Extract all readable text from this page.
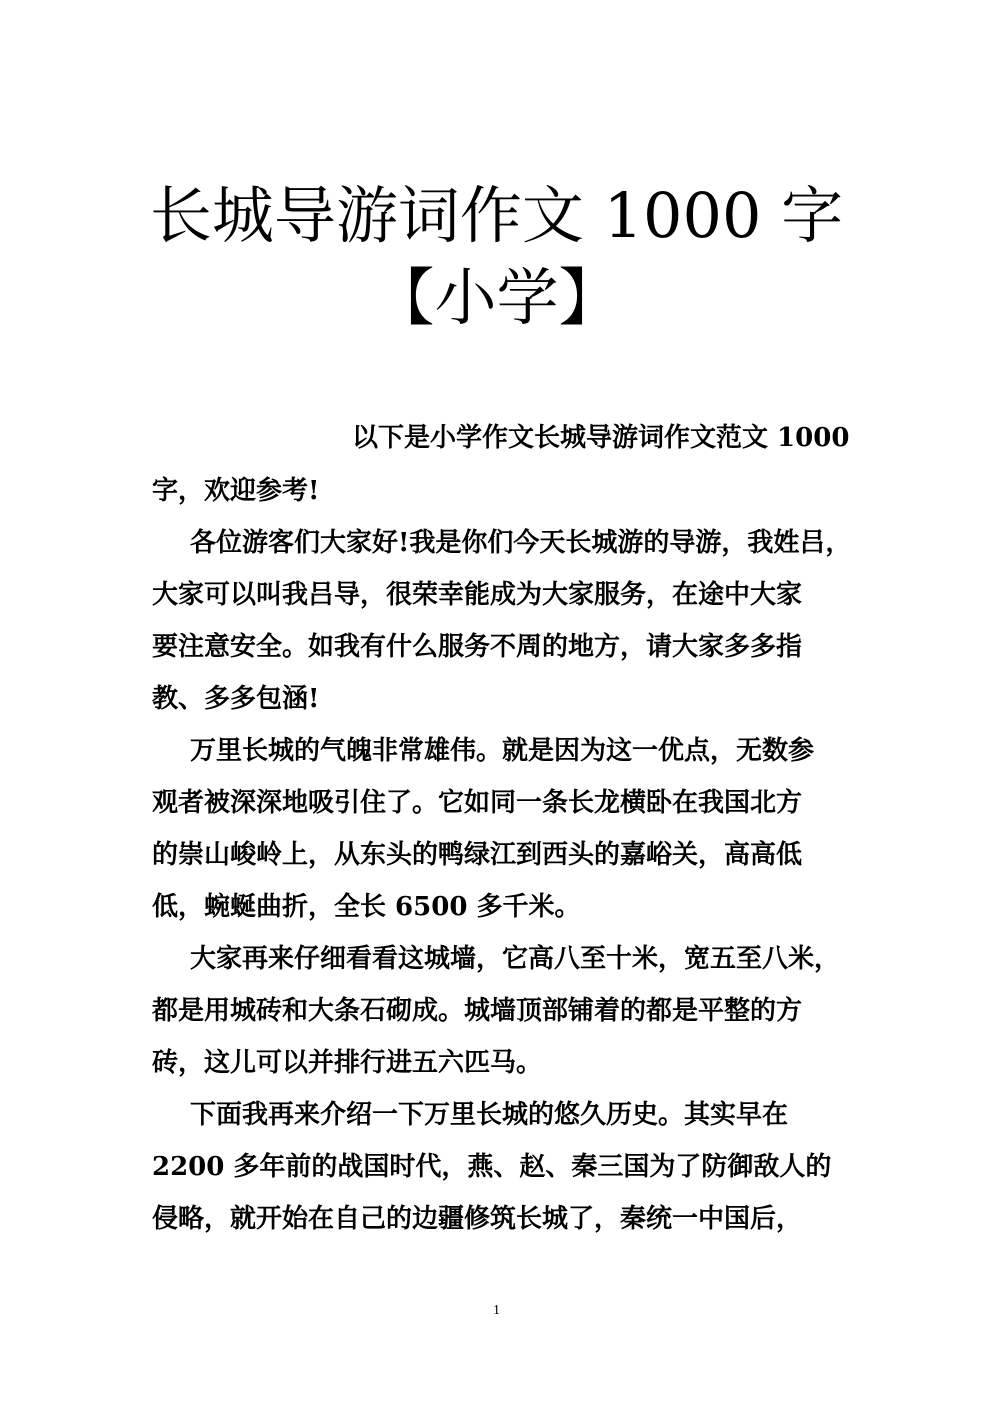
长城导游词作文 1000 字
【小学】

以下是小学作文长城导游词作文范文 1000

字，欢迎参考!

各位游客们大家好!我是你们今天长城游的导游，我姓吕，

大家可以叫我吕导，很荣幸能成为大家服务，在途中大家

要注意安全。如我有什么服务不周的地方，请大家多多指

教、多多包涵!

万里长城的气魄非常雄伟。就是因为这一优点，无数参

观者被深深地吸引住了。它如同一条长龙横卧在我国北方

的崇山峻岭上，从东头的鸭绿江到西头的嘉峪关，高高低

低，蜿蜒曲折，全长 6500 多千米。

大家再来仔细看看这城墙，它高八至十米，宽五至八米，

都是用城砖和大条石砌成。城墙顶部铺着的都是平整的方

砖，这儿可以并排行进五六匹马。

下面我再来介绍一下万里长城的悠久历史。其实早在

2200 多年前的战国时代，燕、赵、秦三国为了防御敌人的

侵略，就开始在自己的边疆修筑长城了，秦统一中国后，

1
